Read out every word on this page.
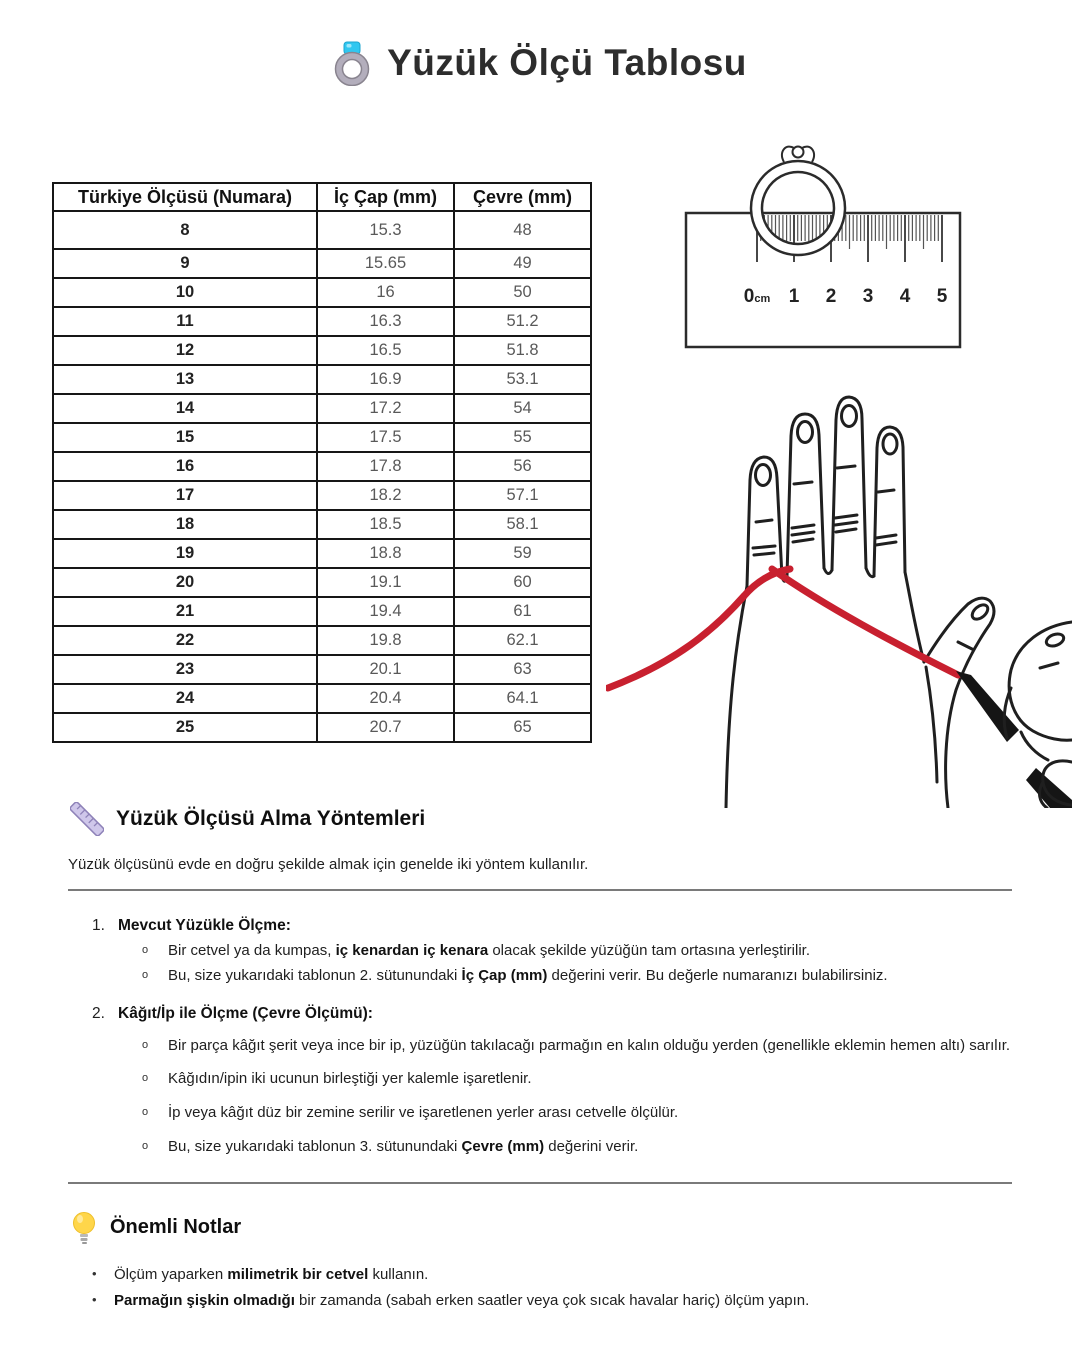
Yüzük Ölçü Tablosu
Türkiye Ölçüsü (Numara)	İç Çap (mm)	Çevre (mm)
8	15.3	48
9	15.65	49
10	16	50
11	16.3	51.2
12	16.5	51.8
13	16.9	53.1
14	17.2	54
15	17.5	55
16	17.8	56
17	18.2	57.1
18	18.5	58.1
19	18.8	59
20	19.1	60
21	19.4	61
22	19.8	62.1
23	20.1	63
24	20.4	64.1
25	20.7	65
0cm 1 2 3 4 5
Yüzük Ölçüsü Alma Yöntemleri

Yüzük ölçüsünü evde en doğru şekilde almak için genelde iki yöntem kullanılır.

1. Mevcut Yüzükle Ölçme:
o	Bir cetvel ya da kumpas, iç kenardan iç kenara olacak şekilde yüzüğün tam ortasına yerleştirilir.
o	Bu, size yukarıdaki tablonun 2. sütunundaki İç Çap (mm) değerini verir. Bu değerle numaranızı bulabilirsiniz.
2. Kâğıt/İp ile Ölçme (Çevre Ölçümü):
o	Bir parça kâğıt şerit veya ince bir ip, yüzüğün takılacağı parmağın en kalın olduğu yerden (genellikle eklemin hemen altı) sarılır.
o	Kâğıdın/ipin iki ucunun birleştiği yer kalemle işaretlenir.
o	İp veya kâğıt düz bir zemine serilir ve işaretlenen yerler arası cetvelle ölçülür.
o	Bu, size yukarıdaki tablonun 3. sütunundaki Çevre (mm) değerini verir.
Önemli Notlar
•	Ölçüm yaparken milimetrik bir cetvel kullanın.
•	Parmağın şişkin olmadığı bir zamanda (sabah erken saatler veya çok sıcak havalar hariç) ölçüm yapın.
